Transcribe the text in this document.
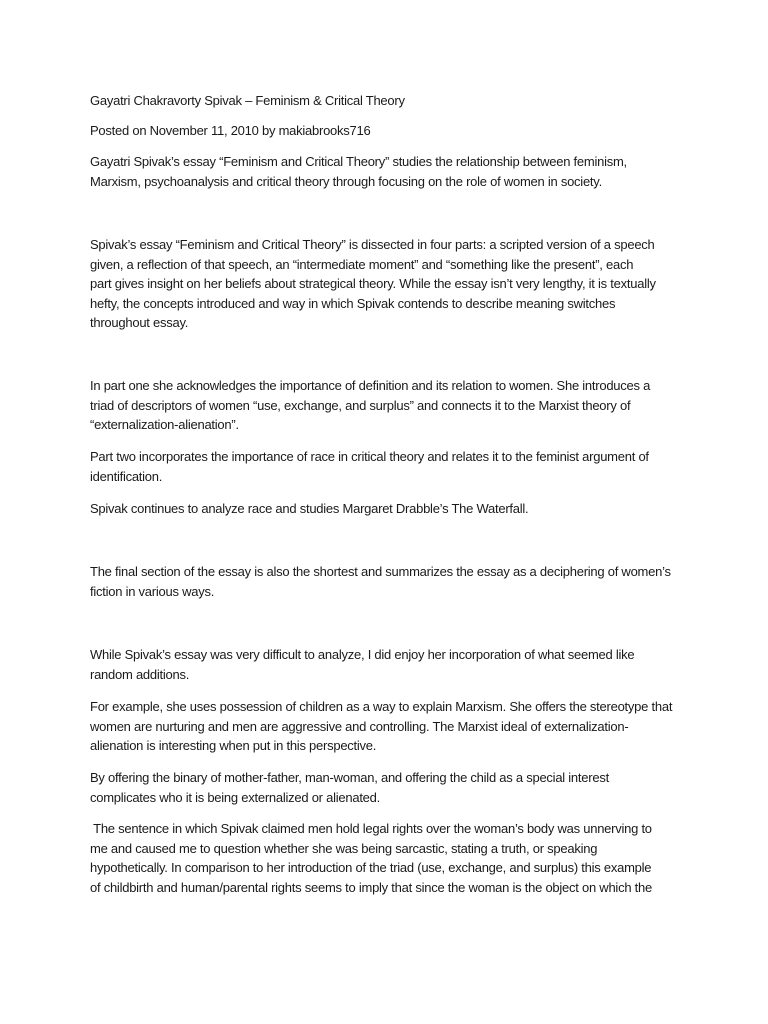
Gayatri Chakravorty Spivak – Feminism & Critical Theory
Posted on November 11, 2010 by makiabrooks716
Gayatri Spivak’s essay “Feminism and Critical Theory” studies the relationship between feminism,
Marxism, psychoanalysis and critical theory through focusing on the role of women in society.
Spivak’s essay “Feminism and Critical Theory” is dissected in four parts: a scripted version of a speech
given, a reflection of that speech, an “intermediate moment” and “something like the present”, each
part gives insight on her beliefs about strategical theory. While the essay isn’t very lengthy, it is textually
hefty, the concepts introduced and way in which Spivak contends to describe meaning switches
throughout essay.
In part one she acknowledges the importance of definition and its relation to women. She introduces a
triad of descriptors of women “use, exchange, and surplus” and connects it to the Marxist theory of
“externalization-alienation”.
Part two incorporates the importance of race in critical theory and relates it to the feminist argument of
identification.
Spivak continues to analyze race and studies Margaret Drabble’s The Waterfall.
The final section of the essay is also the shortest and summarizes the essay as a deciphering of women’s
fiction in various ways.
While Spivak’s essay was very difficult to analyze, I did enjoy her incorporation of what seemed like
random additions.
For example, she uses possession of children as a way to explain Marxism. She offers the stereotype that
women are nurturing and men are aggressive and controlling. The Marxist ideal of externalization-
alienation is interesting when put in this perspective.
By offering the binary of mother-father, man-woman, and offering the child as a special interest
complicates who it is being externalized or alienated.
The sentence in which Spivak claimed men hold legal rights over the woman’s body was unnerving to
me and caused me to question whether she was being sarcastic, stating a truth, or speaking
hypothetically. In comparison to her introduction of the triad (use, exchange, and surplus) this example
of childbirth and human/parental rights seems to imply that since the woman is the object on which the
